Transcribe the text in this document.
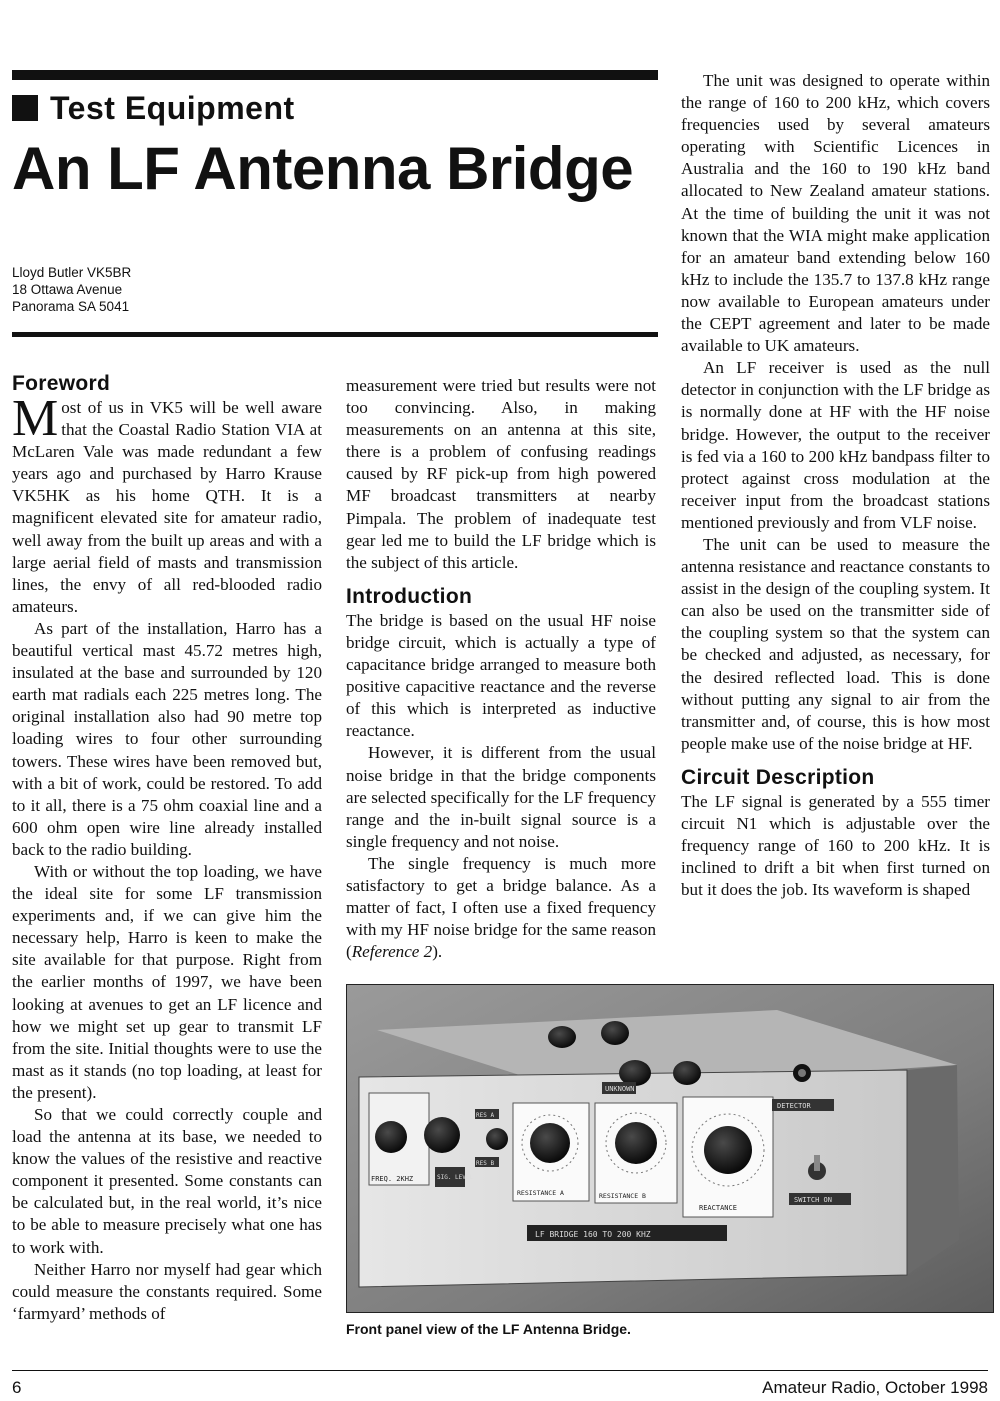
Test Equipment
An LF Antenna Bridge
Lloyd Butler VK5BR
18 Ottawa Avenue
Panorama SA 5041
Foreword

Most of us in VK5 will be well aware that the Coastal Radio Station VIA at McLaren Vale was made redundant a few years ago and purchased by Harro Krause VK5HK as his home QTH. It is a magnificent elevated site for amateur radio, well away from the built up areas and with a large aerial field of masts and transmission lines, the envy of all red-blooded radio amateurs.

As part of the installation, Harro has a beautiful vertical mast 45.72 metres high, insulated at the base and surrounded by 120 earth mat radials each 225 metres long. The original installation also had 90 metre top loading wires to four other surrounding towers. These wires have been removed but, with a bit of work, could be restored. To add to it all, there is a 75 ohm coaxial line and a 600 ohm open wire line already installed back to the radio building.

With or without the top loading, we have the ideal site for some LF transmission experiments and, if we can give him the necessary help, Harro is keen to make the site available for that purpose. Right from the earlier months of 1997, we have been looking at avenues to get an LF licence and how we might set up gear to transmit LF from the site. Initial thoughts were to use the mast as it stands (no top loading, at least for the present).

So that we could correctly couple and load the antenna at its base, we needed to know the values of the resistive and reactive component it presented. Some constants can be calculated but, in the real world, it’s nice to be able to measure precisely what one has to work with.

Neither Harro nor myself had gear which could measure the constants required. Some ‘farmyard’ methods of

measurement were tried but results were not too convincing. Also, in making measurements on an antenna at this site, there is a problem of confusing readings caused by RF pick-up from high powered MF broadcast transmitters at nearby Pimpala. The problem of inadequate test gear led me to build the LF bridge which is the subject of this article.

Introduction

The bridge is based on the usual HF noise bridge circuit, which is actually a type of capacitance bridge arranged to measure both positive capacitive reactance and the reverse of this which is interpreted as inductive reactance.

However, it is different from the usual noise bridge in that the bridge components are selected specifically for the LF frequency range and the in-built signal source is a single frequency and not noise.

The single frequency is much more satisfactory to get a bridge balance. As a matter of fact, I often use a fixed frequency with my HF noise bridge for the same reason (Reference 2).

The unit was designed to operate within the range of 160 to 200 kHz, which covers frequencies used by several amateurs operating with Scientific Licences in Australia and the 160 to 190 kHz band allocated to New Zealand amateur stations. At the time of building the unit it was not known that the WIA might make application for an amateur band extending below 160 kHz to include the 135.7 to 137.8 kHz range now available to European amateurs under the CEPT agreement and later to be made available to UK amateurs.

An LF receiver is used as the null detector in conjunction with the LF bridge as is normally done at HF with the HF noise bridge. However, the output to the receiver is fed via a 160 to 200 kHz bandpass filter to protect against cross modulation at the receiver input from the broadcast stations mentioned previously and from VLF noise.

The unit can be used to measure the antenna resistance and reactance constants to assist in the design of the coupling system. It can also be used on the transmitter side of the coupling system so that the system can be checked and adjusted, as necessary, for the desired reflected load. This is done without putting any signal to air from the transmitter and, of course, this is how most people make use of the noise bridge at HF.

Circuit Description

The LF signal is generated by a 555 timer circuit N1 which is adjustable over the frequency range of 160 to 200 kHz. It is inclined to drift a bit when first turned on but it does the job. Its waveform is shaped

UNKNOWN
FREQ. 2KHZ	SIG. LEVEL
RES A
RES B
RESISTANCE A	RESISTANCE B
REACTANCE
DETECTOR
SWITCH ON
LF BRIDGE 160 TO 200 KHZ
Front panel view of the LF Antenna Bridge.
6	Amateur Radio, October 1998
